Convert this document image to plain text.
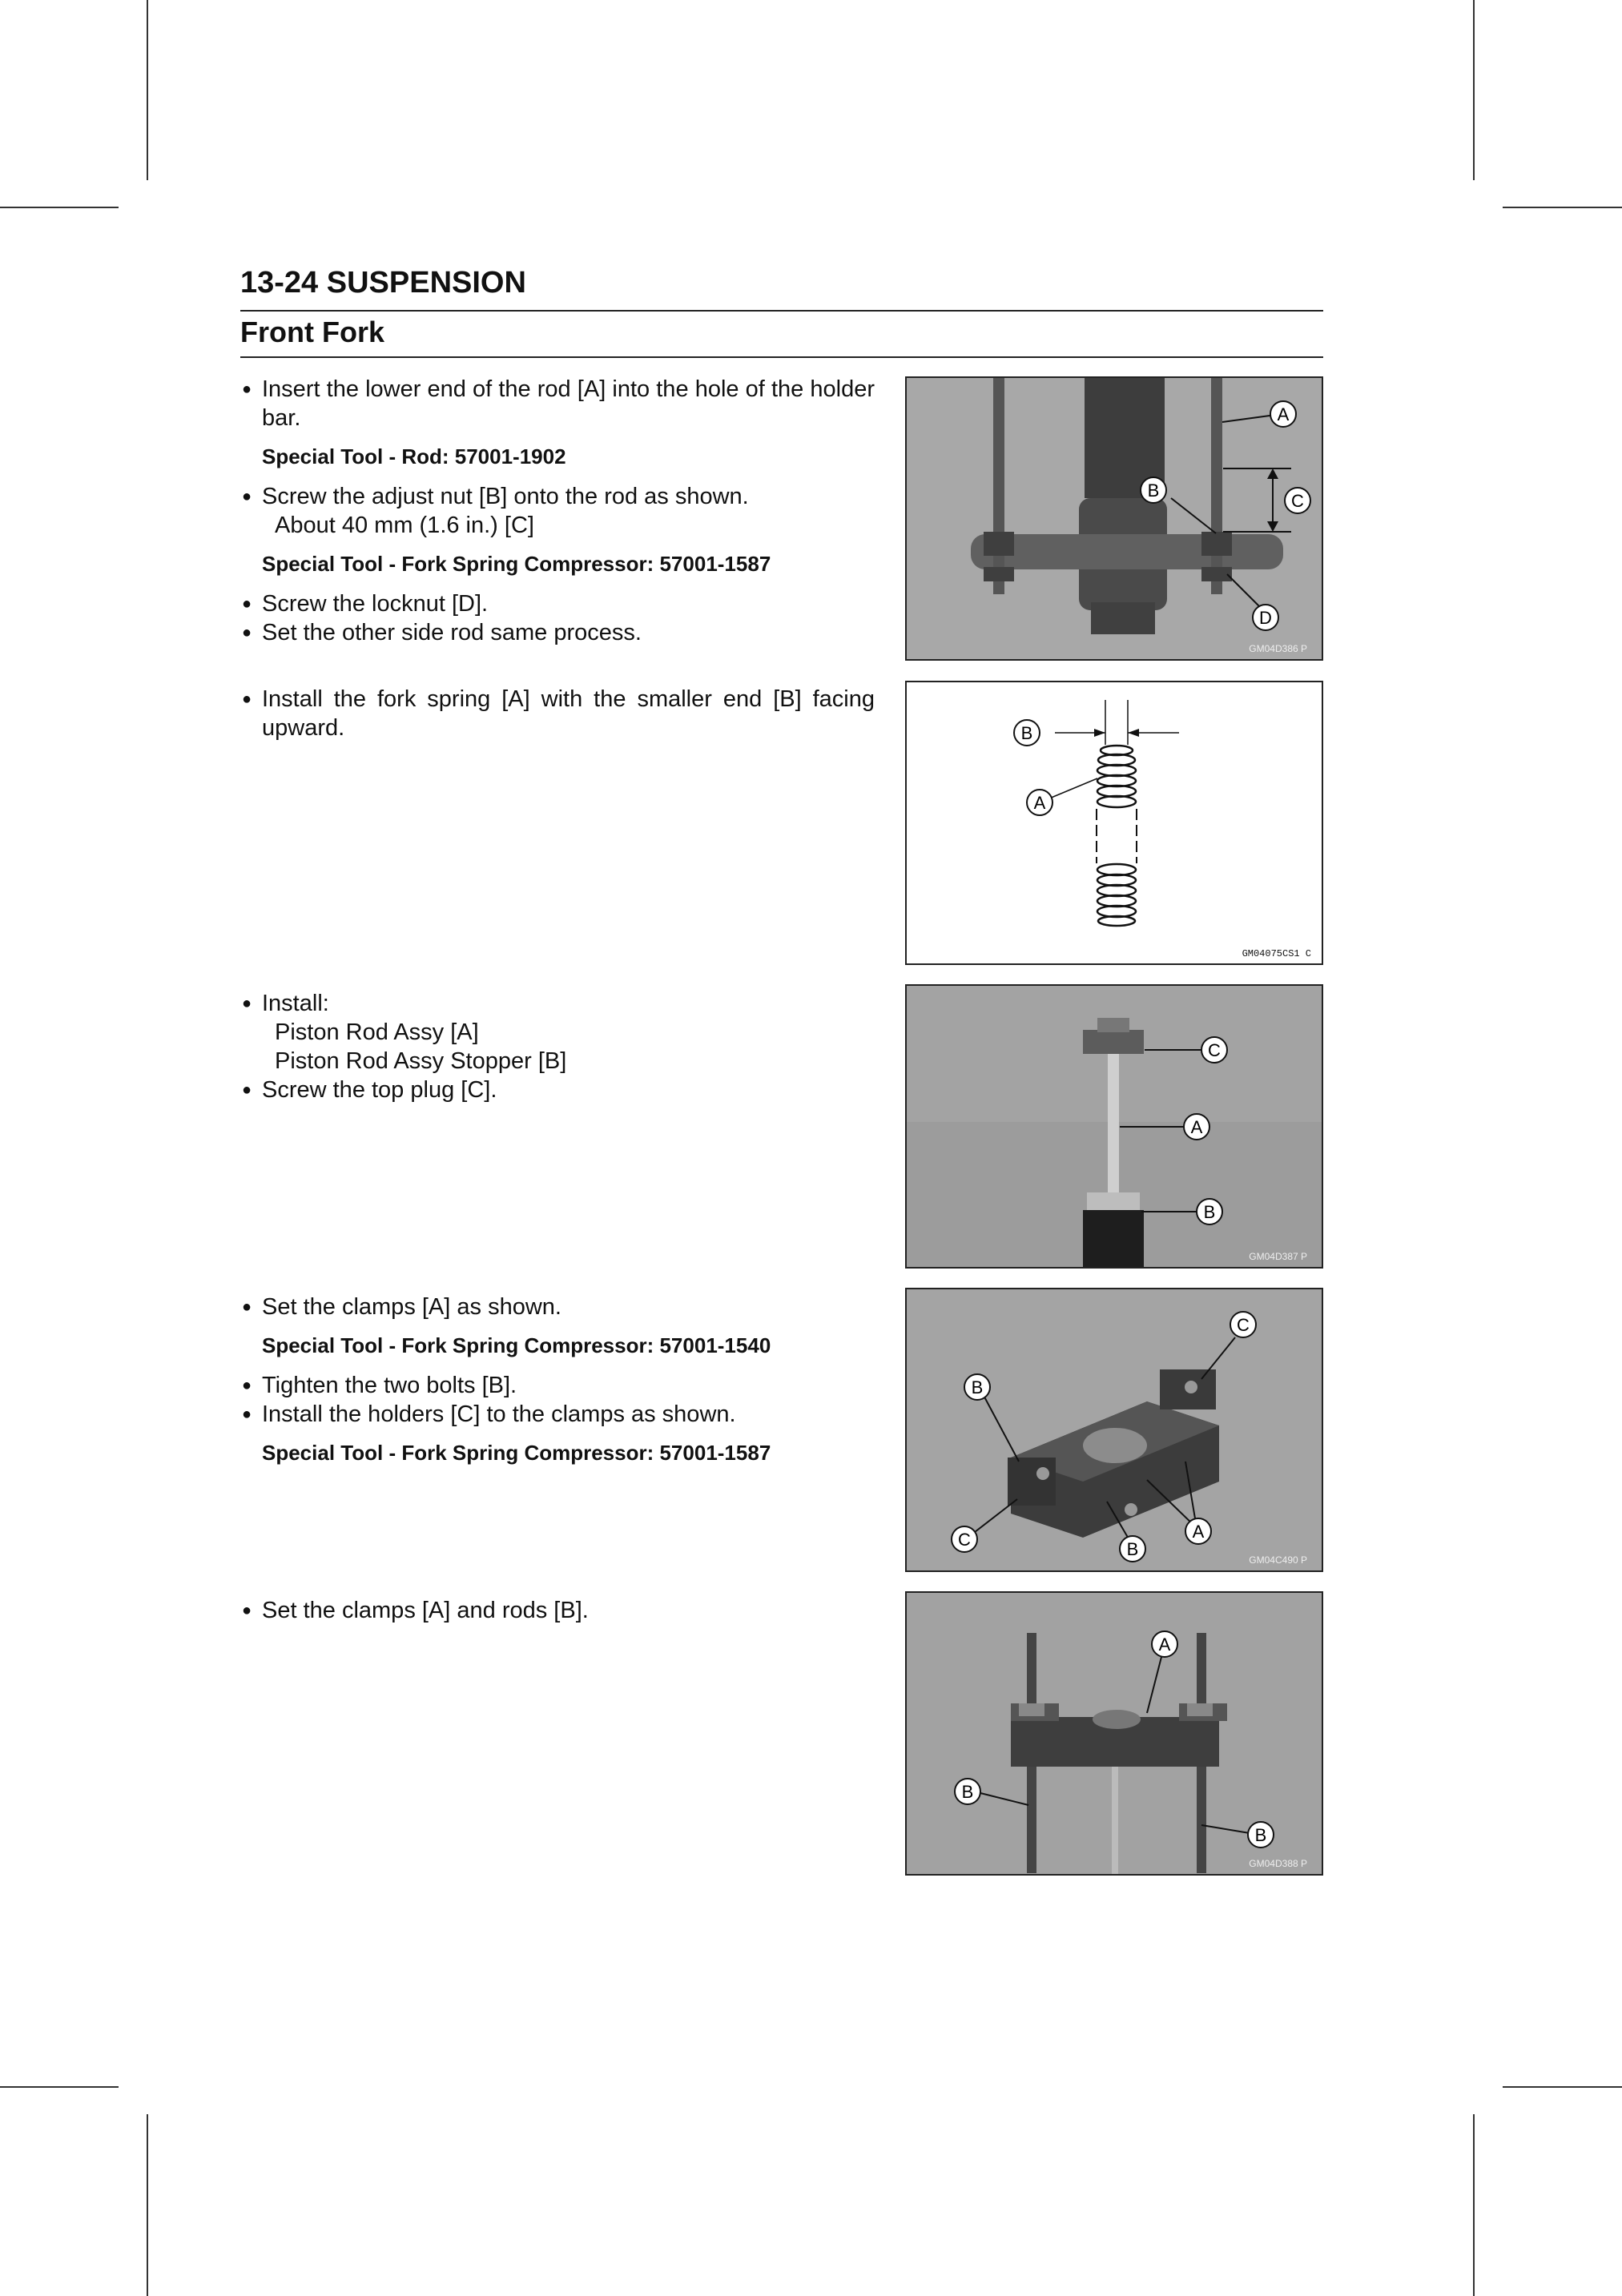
13-24 SUSPENSION
Front Fork

● Insert the lower end of the rod [A] into the hole of the holder bar.

Special Tool - Rod: 57001-1902

● Screw the adjust nut [B] onto the rod as shown.

About 40 mm (1.6 in.) [C]

Special Tool - Fork Spring Compressor: 57001-1587

● Screw the locknut [D].

● Set the other side rod same process.

A
B
C
D
GM04D386 P

● Install the fork spring [A] with the smaller end [B] facing upward.	B
A
GM04075CS1 C

● Install:

Piston Rod Assy [A]

Piston Rod Assy Stopper [B]

● Screw the top plug [C].

C
A
B
GM04D387 P

● Set the clamps [A] as shown.

Special Tool - Fork Spring Compressor: 57001-1540

● Tighten the two bolts [B].

● Install the holders [C] to the clamps as shown.

Special Tool - Fork Spring Compressor: 57001-1587

C
B
C	B
A
GM04C490 P

● Set the clamps [A] and rods [B].

A
B
B
GM04D388 P
